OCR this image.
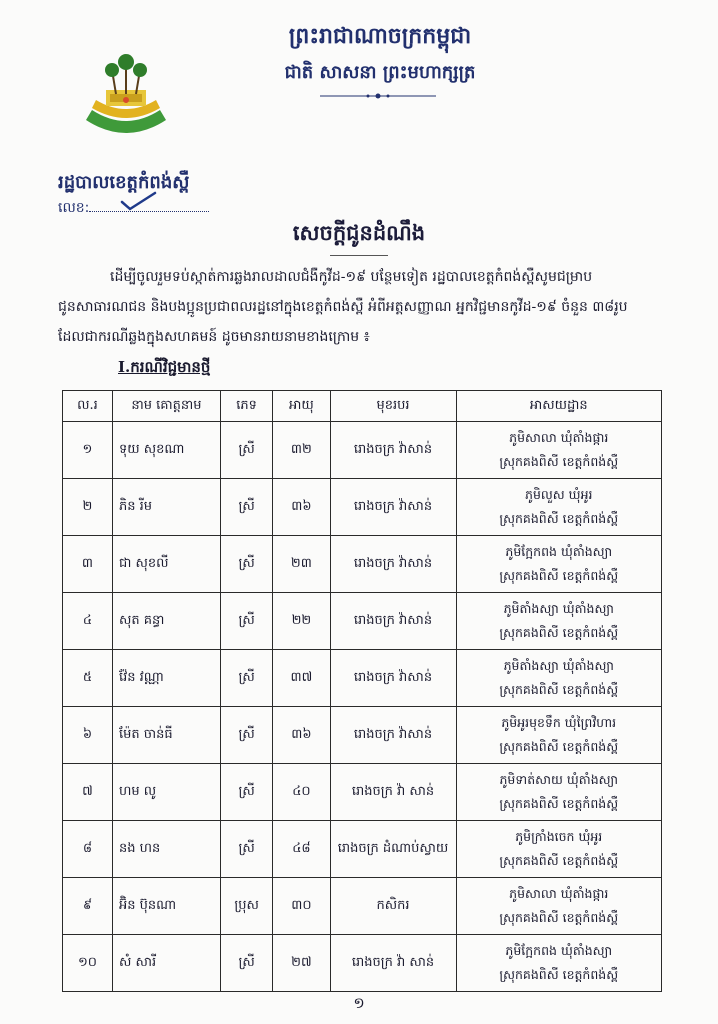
ព្រះរាជាណាចក្រកម្ពុជា
ជាតិ សាសនា ព្រះមហាក្សត្រ
រដ្ឋបាលខេត្តកំពង់ស្ពឺ
លេខ:
សេចក្ដីជូនដំណឹង
ដើម្បីចូលរួមទប់ស្កាត់ការឆ្លងរាលដាលជំងឺកូវីដ-១៩ បន្ថែមទៀត រដ្ឋបាលខេត្តកំពង់ស្ពឺសូមជម្រាប ជូនសាធារណជន និងបងប្អូនប្រជាពលរដ្ឋនៅក្នុងខេត្តកំពង់ស្ពឺ អំពីអត្តសញ្ញាណ អ្នកវិជ្ជមានកូវីដ-១៩ ចំនួន ៣៨រូប ដែលជាករណីឆ្លងក្នុងសហគមន៍ ដូចមានរាយនាមខាងក្រោម ៖
I.ករណីវិជ្ជមានថ្មី
ល.រ	នាម គោត្តនាម	ភេទ	អាយុ	មុខរបរ	អាសយដ្ឋាន
១	ទុយ សុខណា	ស្រី	៣២	រោងចក្រ វ៉ាសាន់	ភូមិសាលា ឃុំតាំងផ្ការ
ស្រុកគងពិសី ខេត្តកំពង់ស្ពឺ

២	ភិន រីម	ស្រី	៣៦	រោងចក្រ វ៉ាសាន់	ភូមិលួស ឃុំអូរ
ស្រុកគងពិសី ខេត្តកំពង់ស្ពឺ

៣	ជា សុខលី	ស្រី	២៣	រោងចក្រ វ៉ាសាន់	ភូមិក្អែកពង ឃុំតាំងស្យា
ស្រុកគងពិសី ខេត្តកំពង់ស្ពឺ

៤	សុត គន្ធា	ស្រី	២២	រោងចក្រ វ៉ាសាន់	ភូមិតាំងស្យា ឃុំតាំងស្យា
ស្រុកគងពិសី ខេត្តកំពង់ស្ពឺ

៥	វ៉ែន វណ្ណា	ស្រី	៣៧	រោងចក្រ វ៉ាសាន់	ភូមិតាំងស្យា ឃុំតាំងស្យា
ស្រុកគងពិសី ខេត្តកំពង់ស្ពឺ

៦	ម៉ែត ចាន់ធី	ស្រី	៣៦	រោងចក្រ វ៉ាសាន់	ភូមិអូរមុខទឹក ឃុំព្រៃវិហារ
ស្រុកគងពិសី ខេត្តកំពង់ស្ពឺ

៧	ហម លូ	ស្រី	៤០	រោងចក្រ វ៉ា សាន់	ភូមិទាត់សាយ ឃុំតាំងស្យា
ស្រុកគងពិសី ខេត្តកំពង់ស្ពឺ

៨	នង ហន	ស្រី	៤៨	រោងចក្រ ដំណាប់ស្វាយ	ភូមិក្រាំងចេក ឃុំអូរ
ស្រុកគងពិសី ខេត្តកំពង់ស្ពឺ

៩	អ៊ិន ប៊ុនណា	ប្រុស	៣០	កសិករ	ភូមិសាលា ឃុំតាំងផ្ការ
ស្រុកគងពិសី ខេត្តកំពង់ស្ពឺ

១០	សំ សារី	ស្រី	២៧	រោងចក្រ វ៉ា សាន់	ភូមិក្អែកពង ឃុំតាំងស្យា
ស្រុកគងពិសី ខេត្តកំពង់ស្ពឺ
១
